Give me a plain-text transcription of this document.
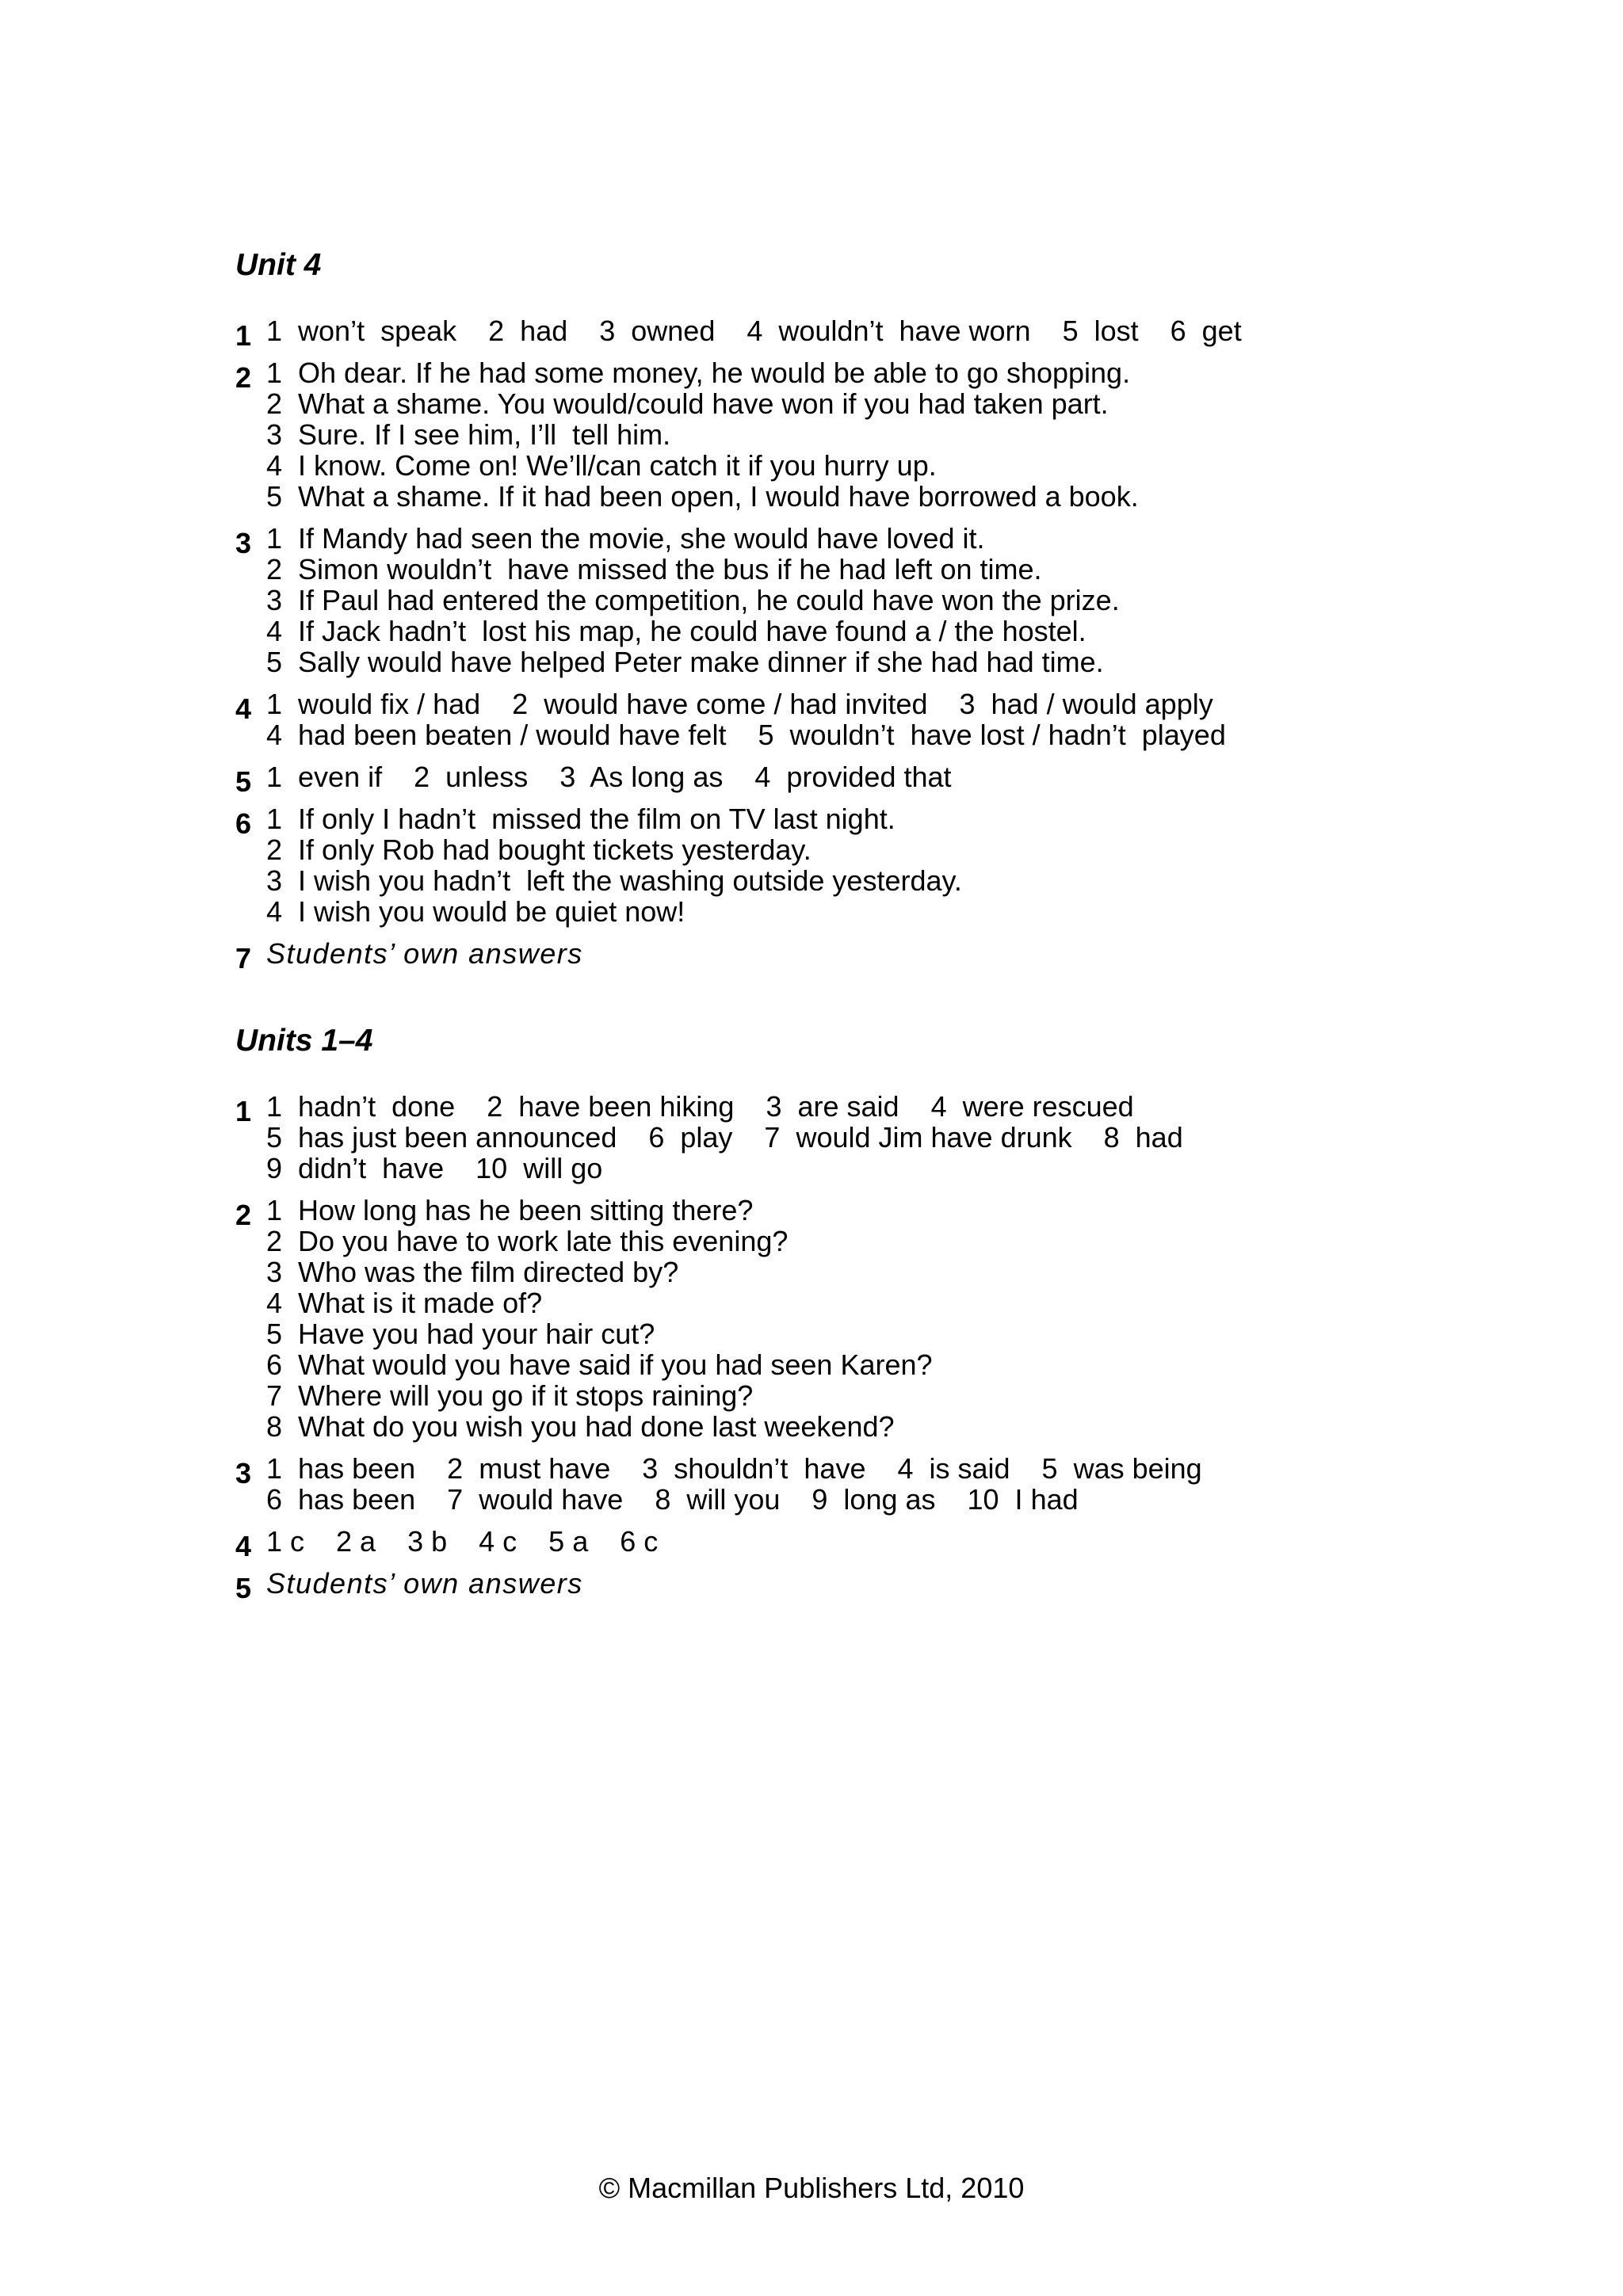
Unit 4
1 1  won’t  speak    2  had    3  owned    4  wouldn’t  have worn    5  lost    6  get
2 1  Oh dear. If he had some money, he would be able to go shopping.
2  What a shame. You would/could have won if you had taken part.
3  Sure. If I see him, I’ll  tell him.
4  I know. Come on! We’ll/can catch it if you hurry up.
5  What a shame. If it had been open, I would have borrowed a book.
3 1  If Mandy had seen the movie, she would have loved it.
2  Simon wouldn’t  have missed the bus if he had left on time.
3  If Paul had entered the competition, he could have won the prize.
4  If Jack hadn’t  lost his map, he could have found a / the hostel.
5  Sally would have helped Peter make dinner if she had had time.
4 1  would fix / had    2  would have come / had invited    3  had / would apply
4  had been beaten / would have felt    5  wouldn’t  have lost / hadn’t  played
5 1  even if    2  unless    3  As long as    4  provided that
6 1  If only I hadn’t  missed the film on TV last night.
2  If only Rob had bought tickets yesterday.
3  I wish you hadn’t  left the washing outside yesterday.
4  I wish you would be quiet now!
7 Students’ own answers
Units 1–4
1 1  hadn’t  done    2  have been hiking    3  are said    4  were rescued
5  has just been announced    6  play    7  would Jim have drunk    8  had
9  didn’t  have    10  will go
2 1  How long has he been sitting there?
2  Do you have to work late this evening?
3  Who was the film directed by?
4  What is it made of?
5  Have you had your hair cut?
6  What would you have said if you had seen Karen?
7  Where will you go if it stops raining?
8  What do you wish you had done last weekend?
3 1  has been    2  must have    3  shouldn’t  have    4  is said    5  was being
6  has been    7  would have    8  will you    9  long as    10  I had
4 1 c    2 a    3 b    4 c    5 a    6 c
5 Students’ own answers
© Macmillan Publishers Ltd, 2010
